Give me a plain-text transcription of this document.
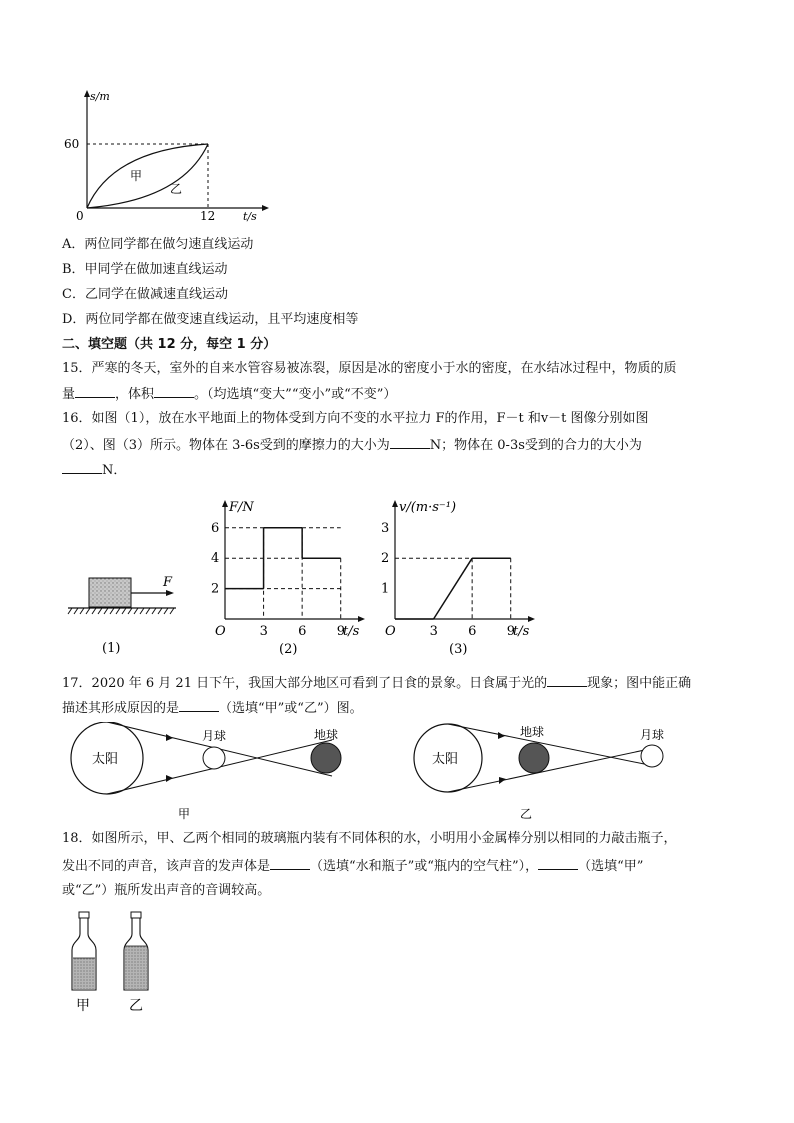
s/m
t/s
60
12
0
甲
乙
A．两位同学都在做匀速直线运动
B．甲同学在做加速直线运动
C．乙同学在做减速直线运动
D．两位同学都在做变速直线运动，且平均速度相等
二、填空题（共 12 分，每空 1 分）
15．严寒的冬天，室外的自来水管容易被冻裂，原因是冰的密度小于水的密度，在水结冰过程中，物质的质
量	，体积	。（均选填“变大”“变小”或“不变”）
16．如图（1），放在水平地面上的物体受到方向不变的水平拉力 F的作用，F－t 和v－t 图像分别如图
（2）、图（3）所示。物体在 3-6s受到的摩擦力的大小为	N；物体在 0-3s受到的合力的大小为
N．
F
(1)
F/N
t/s
O
(2)
2
4
6
3 6 9
v/(m·s⁻¹)
t/s
O
(3)
1
2
3
3 6 9
17．2020 年 6 月 21 日下午，我国大部分地区可看到了日食的景象。日食属于光的	现象；图中能正确
描述其形成原因的是	（选填“甲”或“乙”）图。
太阳
月球	地球
甲
太阳
地球	月球
乙
18．如图所示，甲、乙两个相同的玻璃瓶内装有不同体积的水，小明用小金属棒分别以相同的力敲击瓶子，
发出不同的声音，该声音的发声体是	（选填“水和瓶子”或“瓶内的空气柱”），	（选填“甲”
或“乙”）瓶所发出声音的音调较高。
甲	乙
